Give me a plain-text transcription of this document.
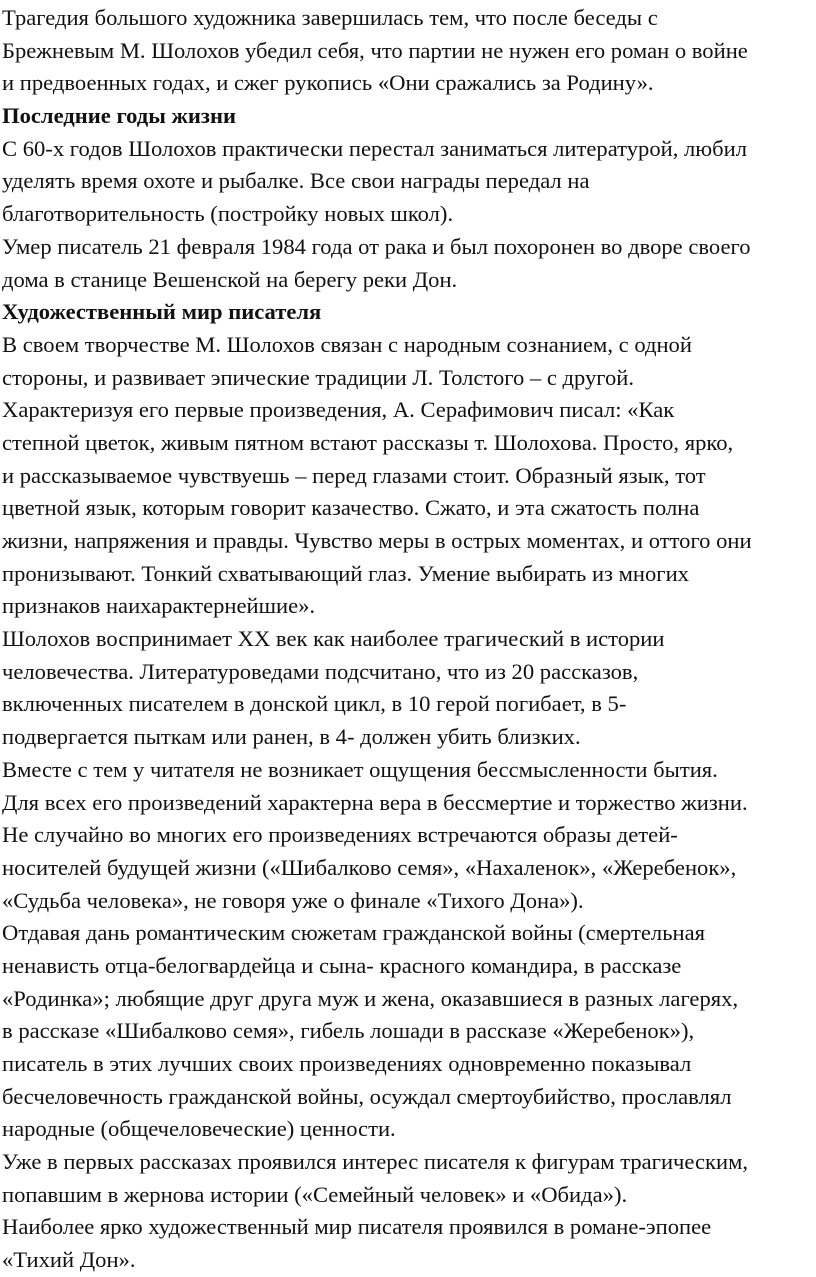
Трагедия большого художника завершилась тем, что после беседы с
Брежневым М. Шолохов убедил себя, что партии не нужен его роман о войне
и предвоенных годах, и сжег рукопись «Они сражались за Родину».
Последние годы жизни
С 60-х годов Шолохов практически перестал заниматься литературой, любил
уделять время охоте и рыбалке. Все свои награды передал на
благотворительность (постройку новых школ).
Умер писатель 21 февраля 1984 года от рака и был похоронен во дворе своего
дома в станице Вешенской на берегу реки Дон.
Художественный мир писателя
В своем творчестве М. Шолохов связан с народным сознанием, с одной
стороны, и развивает эпические традиции Л. Толстого – с другой.
Характеризуя его первые произведения, А. Серафимович писал: «Как
степной цветок, живым пятном встают рассказы т. Шолохова. Просто, ярко,
и рассказываемое чувствуешь – перед глазами стоит. Образный язык, тот
цветной язык, которым говорит казачество. Сжато, и эта сжатость полна
жизни, напряжения и правды. Чувство меры в острых моментах, и оттого они
пронизывают. Тонкий схватывающий глаз. Умение выбирать из многих
признаков наихарактернейшие».
Шолохов воспринимает XX век как наиболее трагический в истории
человечества. Литературоведами подсчитано, что из 20 рассказов,
включенных писателем в донской цикл, в 10 герой погибает, в 5-
подвергается пыткам или ранен, в 4- должен убить близких.
Вместе с тем у читателя не возникает ощущения бессмысленности бытия.
Для всех его произведений характерна вера в бессмертие и торжество жизни.
Не случайно во многих его произведениях встречаются образы детей-
носителей будущей жизни («Шибалково семя», «Нахаленок», «Жеребенок»,
«Судьба человека», не говоря уже о финале «Тихого Дона»).
Отдавая дань романтическим сюжетам гражданской войны (смертельная
ненависть отца-белогвардейца и сына- красного командира, в рассказе
«Родинка»; любящие друг друга муж и жена, оказавшиеся в разных лагерях,
в рассказе «Шибалково семя», гибель лошади в рассказе «Жеребенок»),
писатель в этих лучших своих произведениях одновременно показывал
бесчеловечность гражданской войны, осуждал смертоубийство, прославлял
народные (общечеловеческие) ценности.
Уже в первых рассказах проявился интерес писателя к фигурам трагическим,
попавшим в жернова истории («Семейный человек» и «Обида»).
Наиболее ярко художественный мир писателя проявился в романе-эпопее
«Тихий Дон».
